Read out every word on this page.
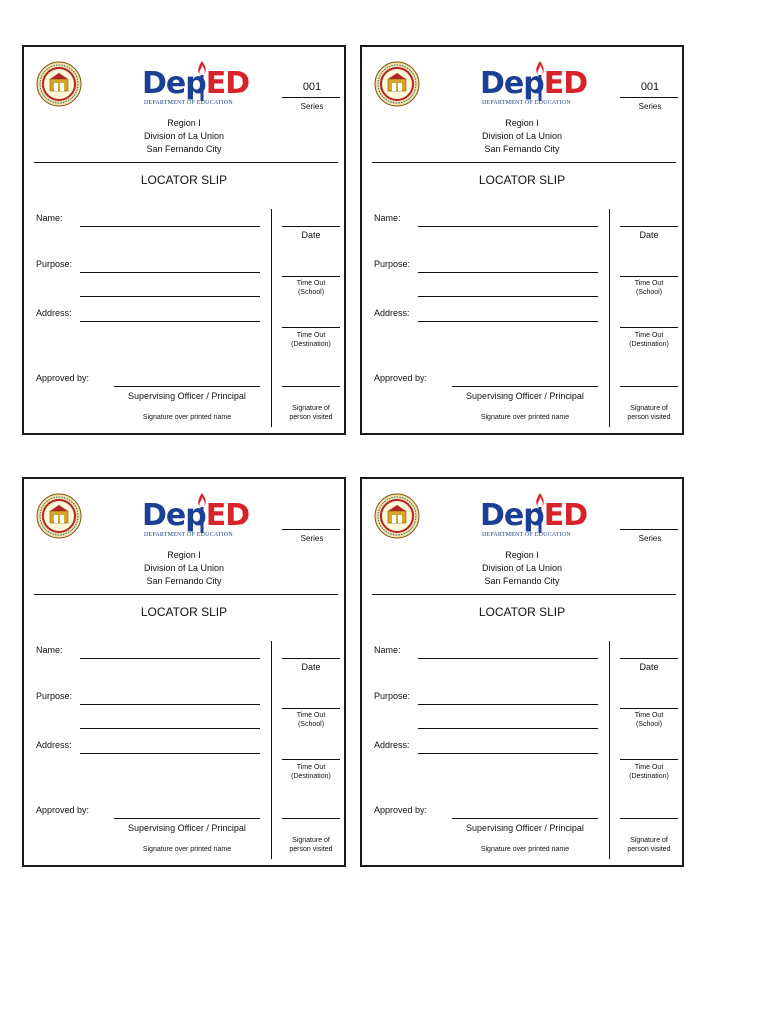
DepED
DEPARTMENT OF EDUCATION
001
Series
Region I
Division of La Union
San Fernando City
LOCATOR SLIP
Name:
Purpose:
Address:
Approved by:
Supervising Officer / Principal
Signature over printed name
Date
Time Out
(School)
Time Out
(Destination)
Signature of
person visited
DepED
DEPARTMENT OF EDUCATION
001
Series
Region I
Division of La Union
San Fernando City
LOCATOR SLIP
Name:
Purpose:
Address:
Approved by:
Supervising Officer / Principal
Signature over printed name
Date
Time Out
(School)
Time Out
(Destination)
Signature of
person visited
DepED
DEPARTMENT OF EDUCATION	Series
Region I
Division of La Union
San Fernando City
LOCATOR SLIP
Name:
Purpose:
Address:
Approved by:
Supervising Officer / Principal
Signature over printed name
Date
Time Out
(School)
Time Out
(Destination)
Signature of
person visited
DepED
DEPARTMENT OF EDUCATION	Series
Region I
Division of La Union
San Fernando City
LOCATOR SLIP
Name:
Purpose:
Address:
Approved by:
Supervising Officer / Principal
Signature over printed name
Date
Time Out
(School)
Time Out
(Destination)
Signature of
person visited
